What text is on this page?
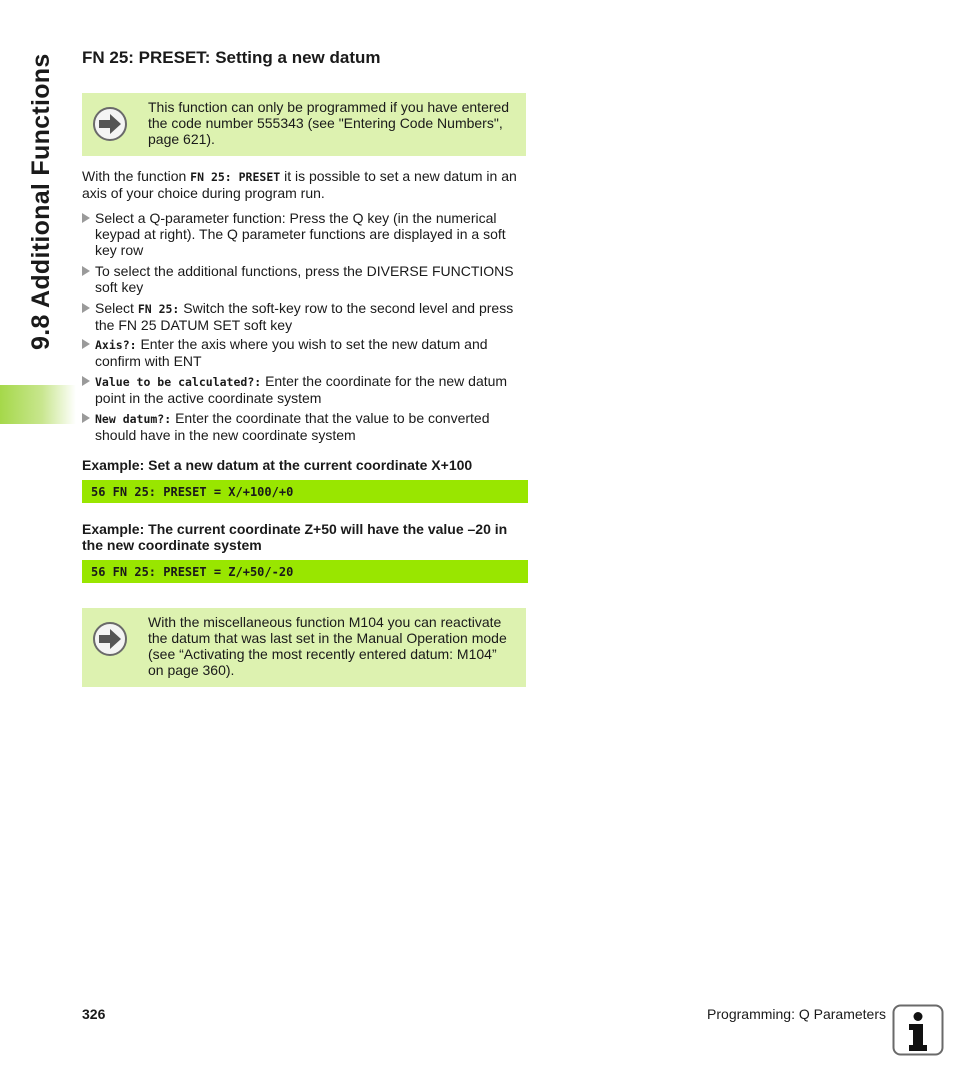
9.8 Additional Functions FN 25: PRESET: Setting a new datum
This function can only be programmed if you have entered the code number 555343 (see "Entering Code Numbers", page 621).

With the function FN 25: PRESET it is possible to set a new datum in an axis of your choice during program run.

Select a Q-parameter function: Press the Q key (in the numerical keypad at right). The Q parameter functions are displayed in a soft key row
To select the additional functions, press the DIVERSE FUNCTIONS soft key
Select FN 25: Switch the soft-key row to the second level and press the FN 25 DATUM SET soft key
Axis?: Enter the axis where you wish to set the new datum and confirm with ENT
Value to be calculated?: Enter the coordinate for the new datum point in the active coordinate system
New datum?: Enter the coordinate that the value to be converted should have in the new coordinate system
Example: Set a new datum at the current coordinate X+100
56 FN 25: PRESET = X/+100/+0
Example: The current coordinate Z+50 will have the value –20 in the new coordinate system
56 FN 25: PRESET = Z/+50/-20
With the miscellaneous function M104 you can reactivate the datum that was last set in the Manual Operation mode (see “Activating the most recently entered datum: M104” on page 360).
326	Programming: Q Parameters
